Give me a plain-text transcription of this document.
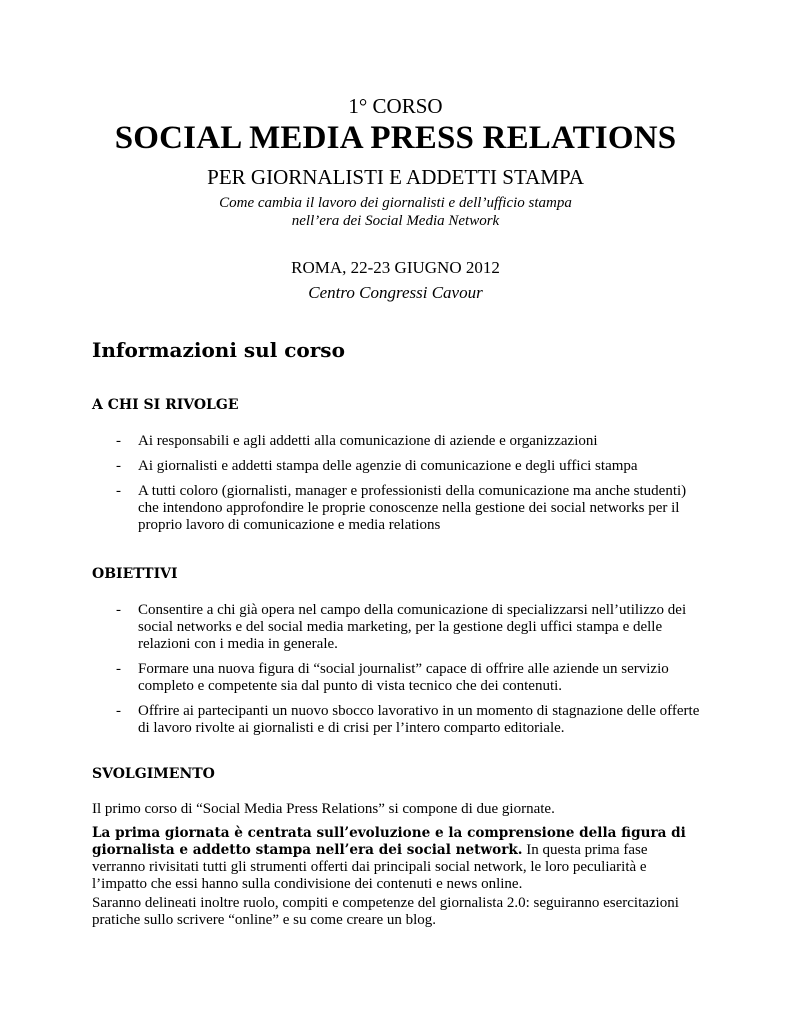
1° CORSO
SOCIAL MEDIA PRESS RELATIONS
PER GIORNALISTI E ADDETTI STAMPA
Come cambia il lavoro dei giornalisti e dell’ufficio stampa
nell’era dei Social Media Network
ROMA, 22-23 GIUGNO 2012
Centro Congressi Cavour
Informazioni sul corso
A CHI SI RIVOLGE
- Ai responsabili e agli addetti alla comunicazione di aziende e organizzazioni
- Ai giornalisti e addetti stampa delle agenzie di comunicazione e degli uffici stampa
- A tutti coloro (giornalisti, manager e professionisti della comunicazione ma anche studenti) che intendono approfondire le proprie conoscenze nella gestione dei social networks per il proprio lavoro di comunicazione e media relations
OBIETTIVI
- Consentire a chi già opera nel campo della comunicazione di specializzarsi nell’utilizzo dei social networks e del social media marketing, per la gestione degli uffici stampa e delle relazioni con i media in generale.
- Formare una nuova figura di “social journalist” capace di offrire alle aziende un servizio completo e competente sia dal punto di vista tecnico che dei contenuti.
- Offrire ai partecipanti un nuovo sbocco lavorativo in un momento di stagnazione delle offerte di lavoro rivolte ai giornalisti e di crisi per l’intero comparto editoriale.
SVOLGIMENTO

Il primo corso di “Social Media Press Relations” si compone di due giornate.

La prima giornata è centrata sull’evoluzione e la comprensione della figura di giornalista e addetto stampa nell’era dei social network. In questa prima fase verranno rivisitati tutti gli strumenti offerti dai principali social network, le loro peculiarità e l’impatto che essi hanno sulla condivisione dei contenuti e news online.

Saranno delineati inoltre ruolo, compiti e competenze del giornalista 2.0: seguiranno esercitazioni pratiche sullo scrivere “online” e su come creare un blog.
